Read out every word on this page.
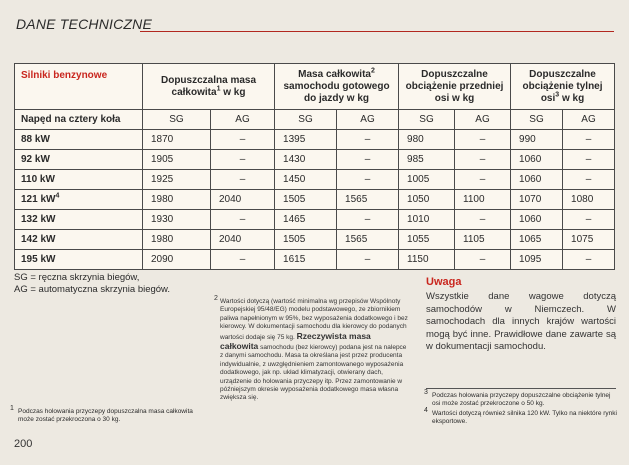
DANE TECHNICZNE
Silniki benzynowe	Dopuszczalna masa całkowita$^1$ w kg		Masa całkowita$^2$
samochodu gotowego do jazdy w kg		Dopuszczalne obciążenie przedniej osi w kg		Dopuszczalne obciążenie tylnej osi$^3$ w kg	
Napęd na cztery koła	SG	AG	SG	AG	SG	AG	SG	AG
88 kW	1870	–	1395	–	980	–	990	–
92 kW	1905	–	1430	–	985	–	1060	–
110 kW	1925	–	1450	–	1005	–	1060	–
121 $kW^4$	1980	2040	1505	1565	1050	1100	1070	1080
132 kW	1930	–	1465	–	1010	–	1060	–
142 kW	1980	2040	1505	1565	1055	1105	1065	1075
195 kW	2090	–	1615	–	1150	–	1095	–
SG = ręczna skrzynia biegów,
AG = automatyczna skrzynia biegów.
2 Wartości dotyczą (wartość minimalna wg przepisów Wspólnoty Europejskiej 95/48/EG) modelu podstawowego, ze zbiornikiem paliwa napełnionym w 95%, bez wyposażenia dodatkowego i bez kierowcy. W dokumentacji samochodu dla kierowcy do podanych wartości dodaje się 75 kg. Rzeczywista masa całkowita samochodu (bez kierowcy) podana jest na nalepce z danymi samochodu. Masa ta określana jest przez producenta indywidualnie, z uwzględnieniem zamontowanego wyposażenia dodatkowego, jak np. układ klimatyzacji, otwierany dach, urządzenie do holowania przyczepy itp. Przez zamontowanie w późniejszym okresie wyposażenia dodatkowego masa własna zwiększa się.
Uwaga
Wszystkie dane wagowe dotyczą samochodów w Niemczech. W samochodach dla innych krajów wartości mogą być inne. Prawidłowe dane zawarte są w dokumentacji samochodu.
3 Podczas holowania przyczepy dopuszczalne obciążenie tylnej osi może zostać przekroczone o 50 kg.
4 Wartości dotyczą również silnika 120 kW. Tylko na niektóre rynki eksportowe.
1 Podczas holowania przyczepy dopuszczalna masa całkowita może zostać przekroczona o 30 kg.
200
